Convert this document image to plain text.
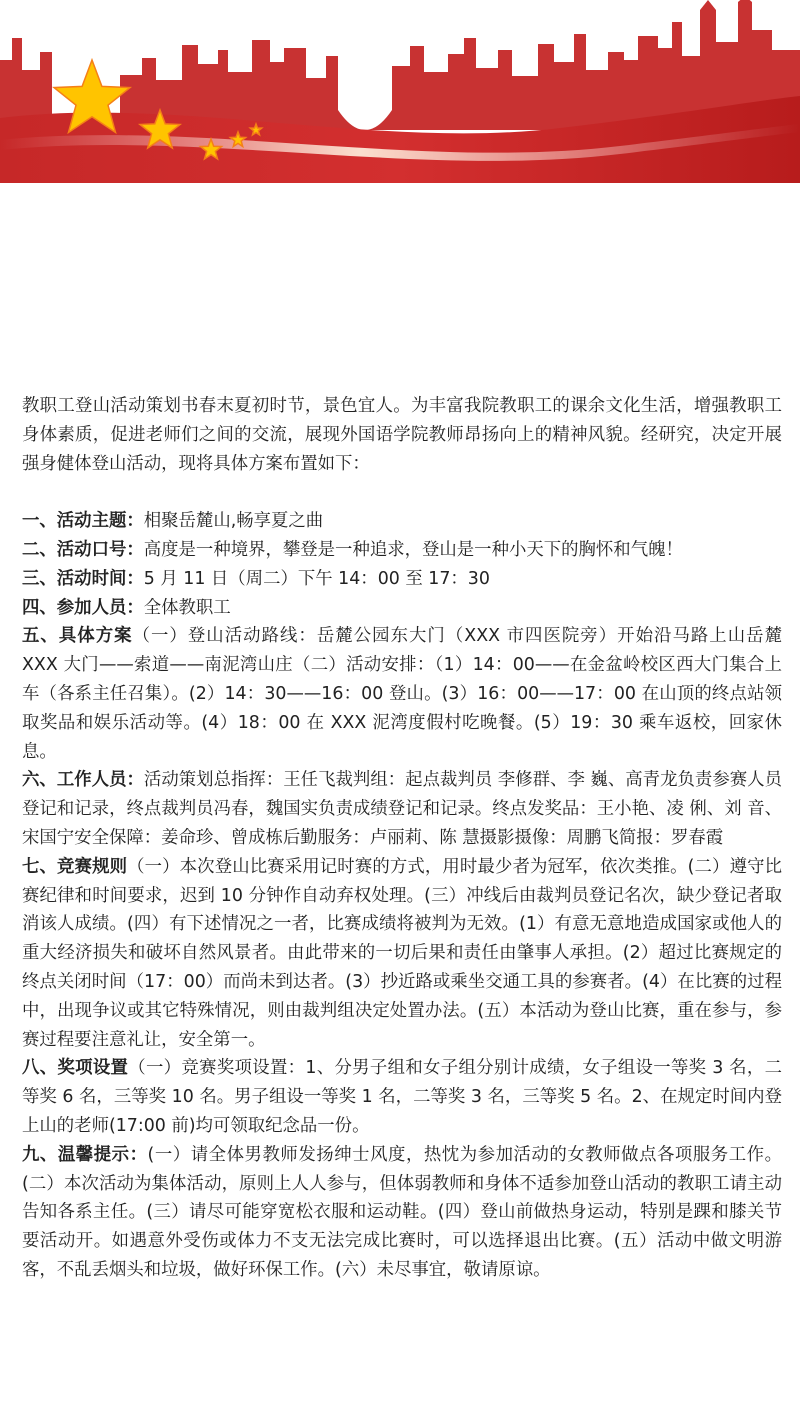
教职工登山活动策划书春末夏初时节，景色宜人。为丰富我院教职工的课余文化生活，增强教职工身体素质，促进老师们之间的交流，展现外国语学院教师昂扬向上的精神风貌。经研究，决定开展强身健体登山活动，现将具体方案布置如下：

一、活动主题：相聚岳麓山,畅享夏之曲

二、活动口号：高度是一种境界，攀登是一种追求，登山是一种小天下的胸怀和气魄！

三、活动时间：5 月 11 日（周二）下午 14：00 至 17：30

四、参加人员：全体教职工

五、具体方案（一）登山活动路线：岳麓公园东大门（XXX 市四医院旁）开始沿马路上山岳麓 XXX 大门——索道——南泥湾山庄（二）活动安排：（1）14：00——在金盆岭校区西大门集合上车（各系主任召集）。(2）14：30——16：00 登山。(3）16：00——17：00 在山顶的终点站领取奖品和娱乐活动等。(4）18：00 在 XXX 泥湾度假村吃晚餐。(5）19：30 乘车返校，回家休息。

六、工作人员：活动策划总指挥：王任飞裁判组：起点裁判员 李修群、李 巍、高青龙负责参赛人员登记和记录，终点裁判员冯春，魏国实负责成绩登记和记录。终点发奖品：王小艳、凌 俐、刘 音、宋国宁安全保障：姜命珍、曾成栋后勤服务：卢丽莉、陈 慧摄影摄像：周鹏飞简报：罗春霞

七、竞赛规则（一）本次登山比赛采用记时赛的方式，用时最少者为冠军，依次类推。(二）遵守比赛纪律和时间要求，迟到 10 分钟作自动弃权处理。(三）冲线后由裁判员登记名次，缺少登记者取消该人成绩。(四）有下述情况之一者，比赛成绩将被判为无效。(1）有意无意地造成国家或他人的重大经济损失和破坏自然风景者。由此带来的一切后果和责任由肇事人承担。(2）超过比赛规定的终点关闭时间（17：00）而尚未到达者。(3）抄近路或乘坐交通工具的参赛者。(4）在比赛的过程中，出现争议或其它特殊情况，则由裁判组决定处置办法。(五）本活动为登山比赛，重在参与，参赛过程要注意礼让，安全第一。

八、奖项设置（一）竞赛奖项设置：1、分男子组和女子组分别计成绩，女子组设一等奖 3 名，二等奖 6 名，三等奖 10 名。男子组设一等奖 1 名，二等奖 3 名，三等奖 5 名。2、在规定时间内登上山的老师(17:00 前)均可领取纪念品一份。

九、温馨提示：(一）请全体男教师发扬绅士风度，热忱为参加活动的女教师做点各项服务工作。(二）本次活动为集体活动，原则上人人参与，但体弱教师和身体不适参加登山活动的教职工请主动告知各系主任。(三）请尽可能穿宽松衣服和运动鞋。(四）登山前做热身运动，特别是踝和膝关节要活动开。如遇意外受伤或体力不支无法完成比赛时，可以选择退出比赛。(五）活动中做文明游客，不乱丢烟头和垃圾，做好环保工作。(六）未尽事宜，敬请原谅。
